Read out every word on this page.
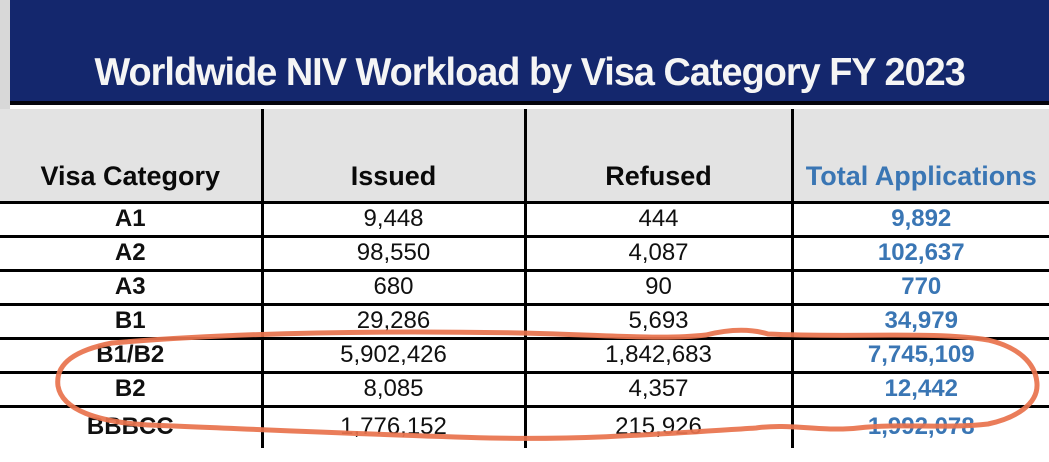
Worldwide NIV Workload by Visa Category FY 2023
Visa Category	Issued	Refused	Total Applications
A1	9,448	444	9,892
A2	98,550	4,087	102,637
A3	680	90	770
B1	29,286	5,693	34,979
B1/B2	5,902,426	1,842,683	7,745,109
B2	8,085	4,357	12,442
BBBCC	1,776,152	215,926	1,992,078
